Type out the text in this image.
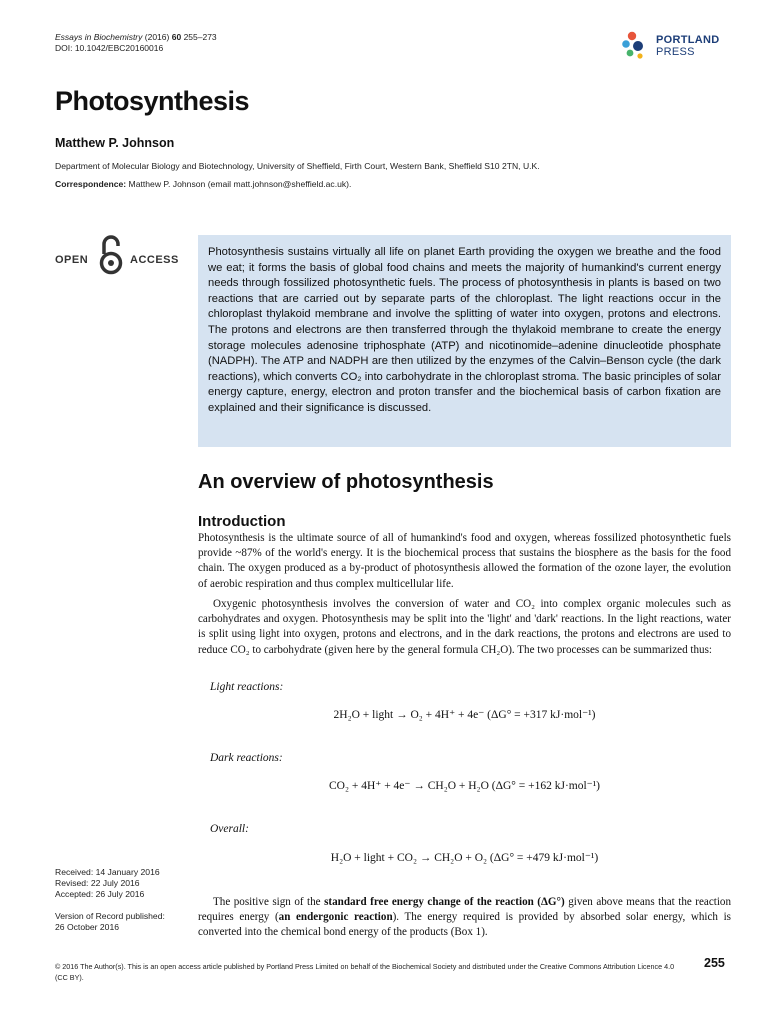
Essays in Biochemistry (2016) 60 255–273
DOI: 10.1042/EBC20160016
PORTLAND
PRESS
Photosynthesis
Matthew P. Johnson
Department of Molecular Biology and Biotechnology, University of Sheffield, Firth Court, Western Bank, Sheffield S10 2TN, U.K.
Correspondence: Matthew P. Johnson (email matt.johnson@sheffield.ac.uk).
OPEN	ACCESS
Photosynthesis sustains virtually all life on planet Earth providing the oxygen we breathe and the food we eat; it forms the basis of global food chains and meets the majority of humankind's current energy needs through fossilized photosynthetic fuels. The process of photosynthesis in plants is based on two reactions that are carried out by separate parts of the chloroplast. The light reactions occur in the chloroplast thylakoid membrane and involve the splitting of water into oxygen, protons and electrons. The protons and electrons are then transferred through the thylakoid membrane to create the energy storage molecules adenosine triphosphate (ATP) and nicotinomide–adenine dinucleotide phosphate (NADPH). The ATP and NADPH are then utilized by the enzymes of the Calvin–Benson cycle (the dark reactions), which converts CO₂ into carbohydrate in the chloroplast stroma. The basic principles of solar energy capture, energy, electron and proton transfer and the biochemical basis of carbon fixation are explained and their significance is discussed.
An overview of photosynthesis
Introduction
Photosynthesis is the ultimate source of all of humankind's food and oxygen, whereas fossilized photosynthetic fuels provide ~87% of the world's energy. It is the biochemical process that sustains the biosphere as the basis for the food chain. The oxygen produced as a by-product of photosynthesis allowed the formation of the ozone layer, the evolution of aerobic respiration and thus complex multicellular life.
Oxygenic photosynthesis involves the conversion of water and CO₂ into complex organic molecules such as carbohydrates and oxygen. Photosynthesis may be split into the 'light' and 'dark' reactions. In the light reactions, water is split using light into oxygen, protons and electrons, and in the dark reactions, the protons and electrons are used to reduce CO₂ to carbohydrate (given here by the general formula CH₂O). The two processes can be summarized thus:
Light reactions:
2H₂O + light → O₂ + 4H⁺ + 4e⁻ (ΔG° = +317 kJ·mol⁻¹)
Dark reactions:
CO₂ + 4H⁺ + 4e⁻ → CH₂O + H₂O (ΔG° = +162 kJ·mol⁻¹)
Overall:
H₂O + light + CO₂ → CH₂O + O₂ (ΔG° = +479 kJ·mol⁻¹)
The positive sign of the standard free energy change of the reaction (ΔG°) given above means that the reaction requires energy (an endergonic reaction). The energy required is provided by absorbed solar energy, which is converted into the chemical bond energy of the products (Box 1).
Received: 14 January 2016
Revised: 22 July 2016
Accepted: 26 July 2016
Version of Record published:
26 October 2016
© 2016 The Author(s). This is an open access article published by Portland Press Limited on behalf of the Biochemical Society and distributed under the Creative Commons Attribution Licence 4.0 (CC BY).
255
